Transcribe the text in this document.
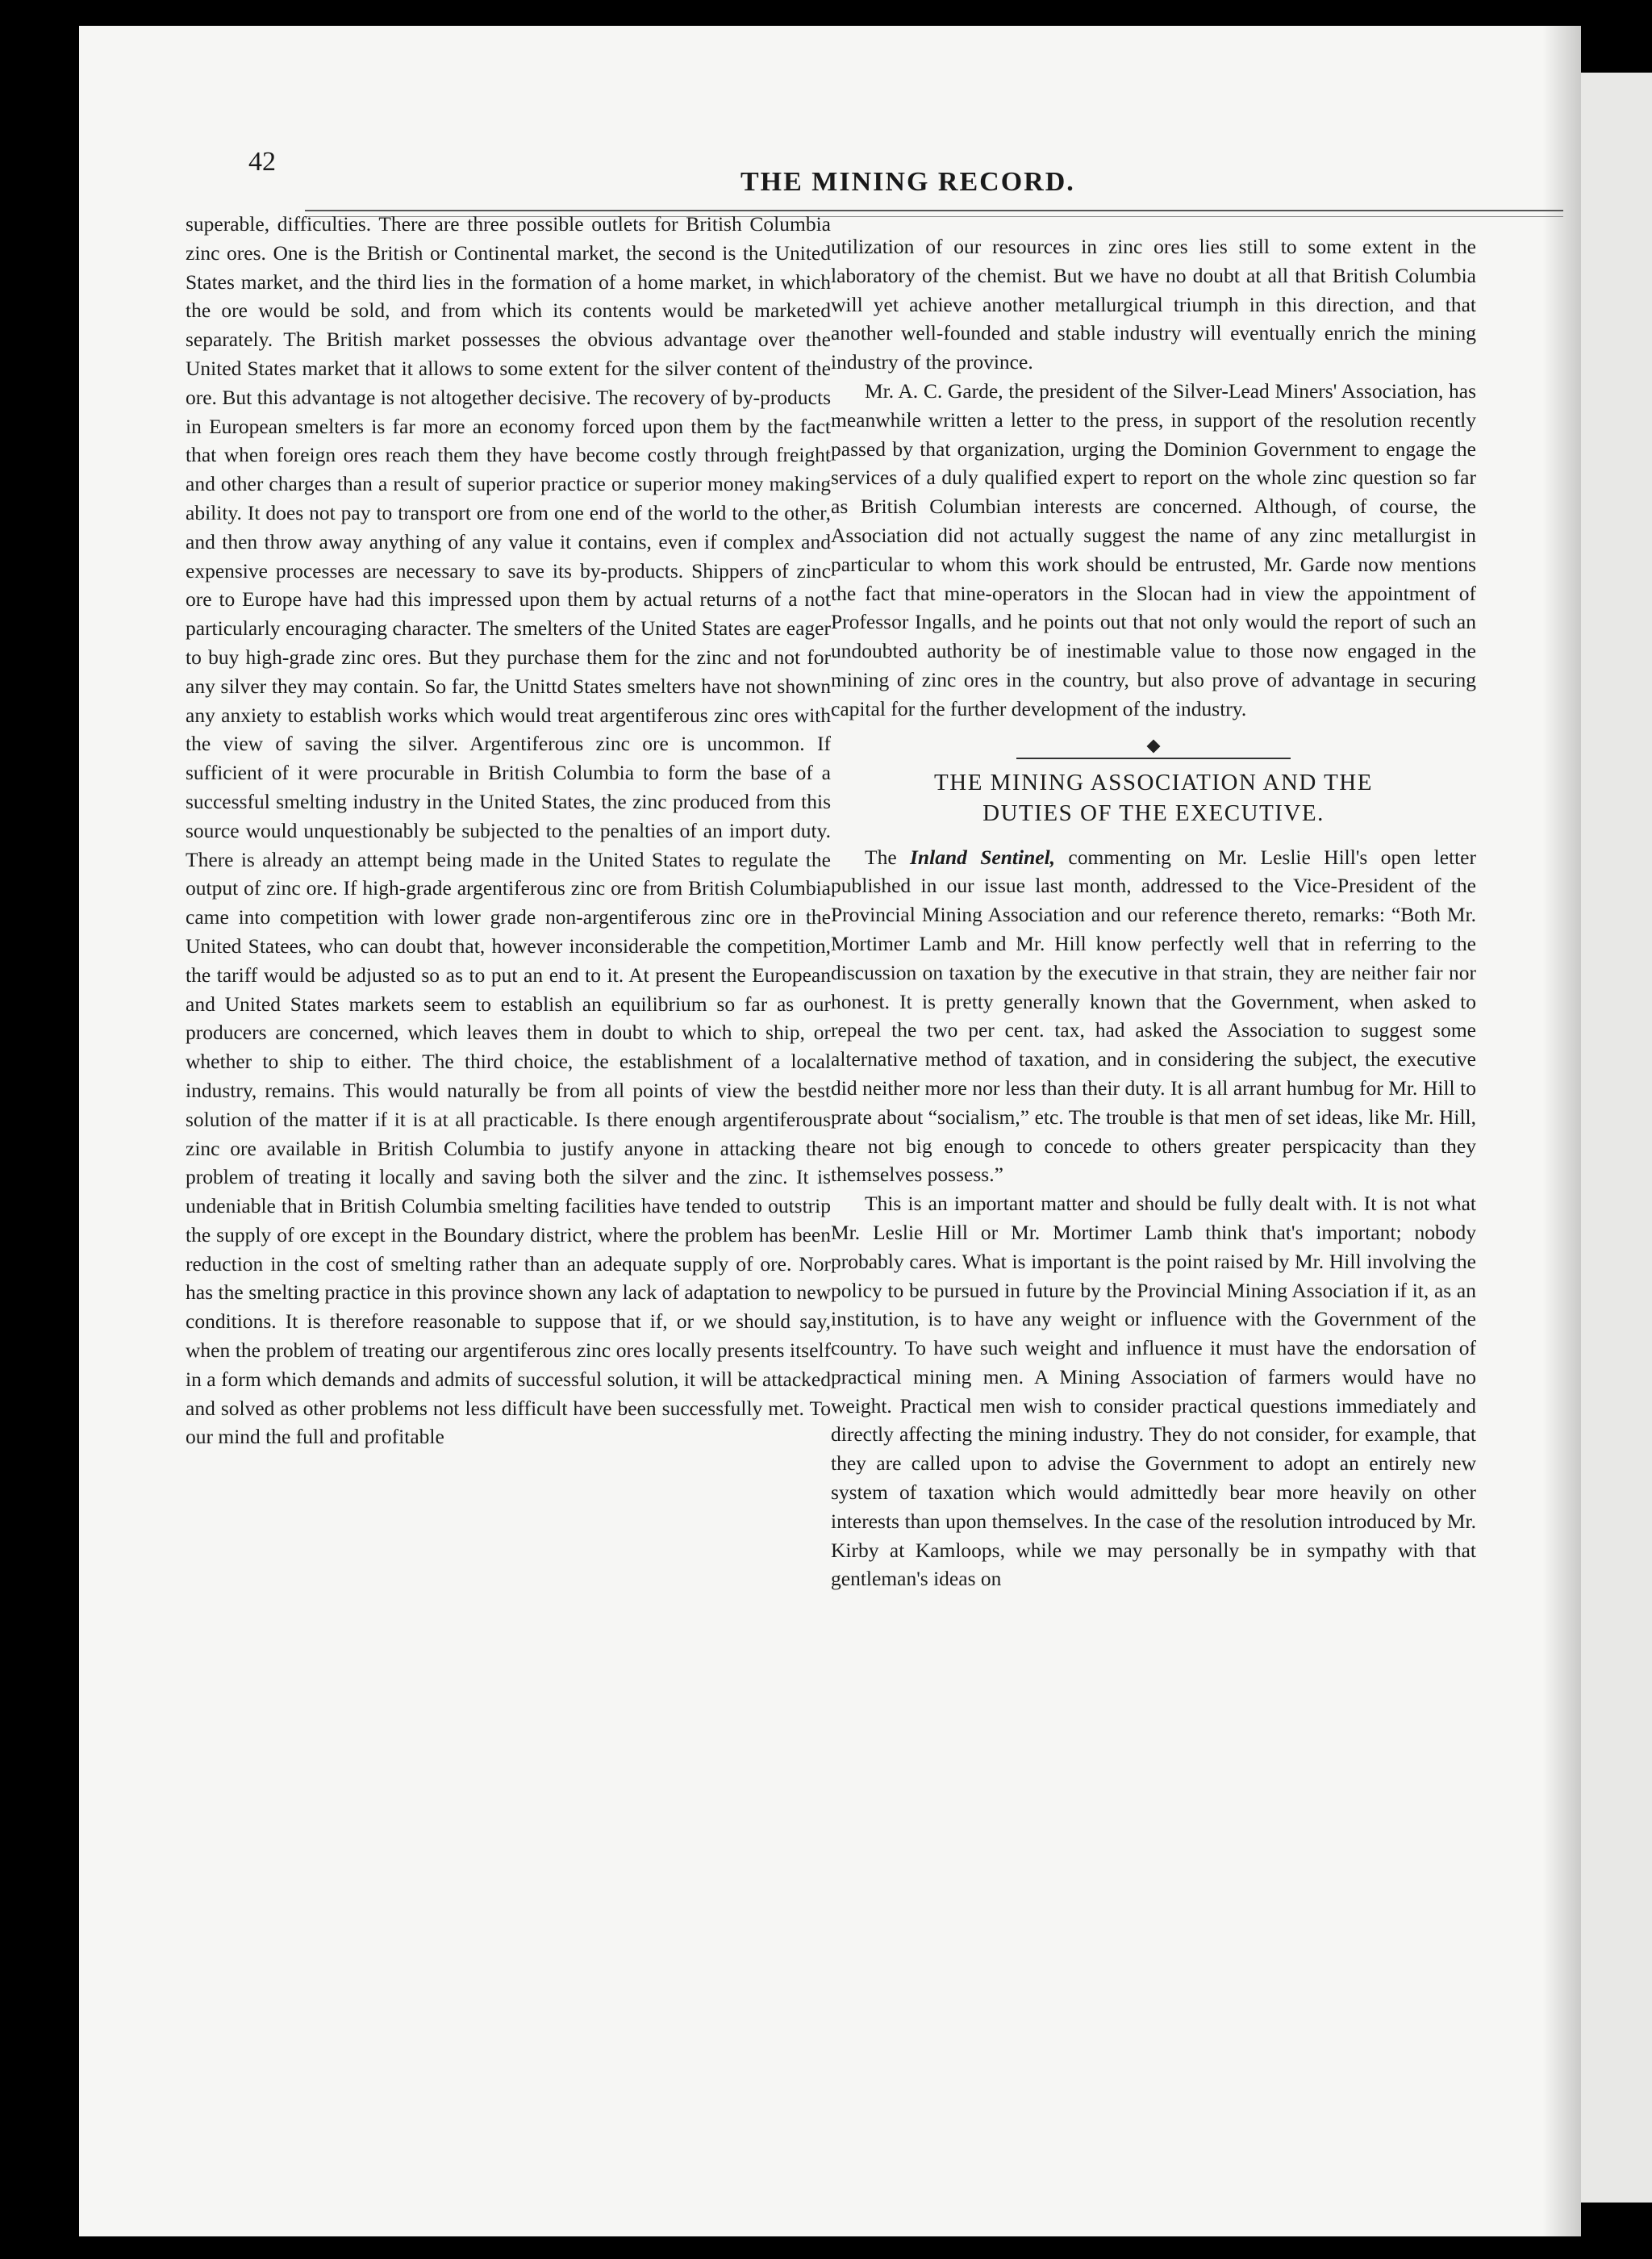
42

THE MINING RECORD.

superable, difficulties. There are three possible outlets for British Columbia zinc ores. One is the British or Continental market, the second is the United States market, and the third lies in the formation of a home market, in which the ore would be sold, and from which its contents would be marketed separately. The British market possesses the obvious advantage over the United States market that it allows to some extent for the silver content of the ore. But this advantage is not altogether decisive. The recovery of by-products in European smelters is far more an economy forced upon them by the fact that when foreign ores reach them they have become costly through freight and other charges than a result of superior practice or superior money making ability. It does not pay to transport ore from one end of the world to the other, and then throw away anything of any value it contains, even if complex and expensive processes are necessary to save its by-products. Shippers of zinc ore to Europe have had this impressed upon them by actual returns of a not particularly encouraging character. The smelters of the United States are eager to buy high-grade zinc ores. But they purchase them for the zinc and not for any silver they may contain. So far, the Unittd States smelters have not shown any anxiety to establish works which would treat argentiferous zinc ores with the view of saving the silver. Argentiferous zinc ore is uncommon. If sufficient of it were procurable in British Columbia to form the base of a successful smelting industry in the United States, the zinc produced from this source would unquestionably be subjected to the penalties of an import duty. There is already an attempt being made in the United States to regulate the output of zinc ore. If high-grade argentiferous zinc ore from British Columbia came into competition with lower grade non-argentiferous zinc ore in the United Statees, who can doubt that, however inconsiderable the competition, the tariff would be adjusted so as to put an end to it. At present the European and United States markets seem to establish an equilibrium so far as our producers are concerned, which leaves them in doubt to which to ship, or whether to ship to either. The third choice, the establishment of a local industry, remains. This would naturally be from all points of view the best solution of the matter if it is at all practicable. Is there enough argentiferous zinc ore available in British Columbia to justify anyone in attacking the problem of treating it locally and saving both the silver and the zinc. It is undeniable that in British Columbia smelting facilities have tended to outstrip the supply of ore except in the Boundary district, where the problem has been reduction in the cost of smelting rather than an adequate supply of ore. Nor has the smelting practice in this province shown any lack of adaptation to new conditions. It is therefore reasonable to suppose that if, or we should say, when the problem of treating our argentiferous zinc ores locally presents itself in a form which demands and admits of successful solution, it will be attacked and solved as other problems not less difficult have been successfully met. To our mind the full and profitable

utilization of our resources in zinc ores lies still to some extent in the laboratory of the chemist. But we have no doubt at all that British Columbia will yet achieve another metallurgical triumph in this direction, and that another well-founded and stable industry will eventually enrich the mining industry of the province.

Mr. A. C. Garde, the president of the Silver-Lead Miners' Association, has meanwhile written a letter to the press, in support of the resolution recently passed by that organization, urging the Dominion Government to engage the services of a duly qualified expert to report on the whole zinc question so far as British Columbian interests are concerned. Although, of course, the Association did not actually suggest the name of any zinc metallurgist in particular to whom this work should be entrusted, Mr. Garde now mentions the fact that mine-operators in the Slocan had in view the appointment of Professor Ingalls, and he points out that not only would the report of such an undoubted authority be of inestimable value to those now engaged in the mining of zinc ores in the country, but also prove of advantage in securing capital for the further development of the industry.

THE MINING ASSOCIATION AND THE
DUTIES OF THE EXECUTIVE.

The Inland Sentinel, commenting on Mr. Leslie Hill's open letter published in our issue last month, addressed to the Vice-President of the Provincial Mining Association and our reference thereto, remarks: “Both Mr. Mortimer Lamb and Mr. Hill know perfectly well that in referring to the discussion on taxation by the executive in that strain, they are neither fair nor honest. It is pretty generally known that the Government, when asked to repeal the two per cent. tax, had asked the Association to suggest some alternative method of taxation, and in considering the subject, the executive did neither more nor less than their duty. It is all arrant humbug for Mr. Hill to prate about “socialism,” etc. The trouble is that men of set ideas, like Mr. Hill, are not big enough to concede to others greater perspicacity than they themselves possess.”

This is an important matter and should be fully dealt with. It is not what Mr. Leslie Hill or Mr. Mortimer Lamb think that's important; nobody probably cares. What is important is the point raised by Mr. Hill involving the policy to be pursued in future by the Provincial Mining Association if it, as an institution, is to have any weight or influence with the Government of the country. To have such weight and influence it must have the endorsation of practical mining men. A Mining Association of farmers would have no weight. Practical men wish to consider practical questions immediately and directly affecting the mining industry. They do not consider, for example, that they are called upon to advise the Government to adopt an entirely new system of taxation which would admittedly bear more heavily on other interests than upon themselves. In the case of the resolution introduced by Mr. Kirby at Kamloops, while we may personally be in sympathy with that gentleman's ideas on
